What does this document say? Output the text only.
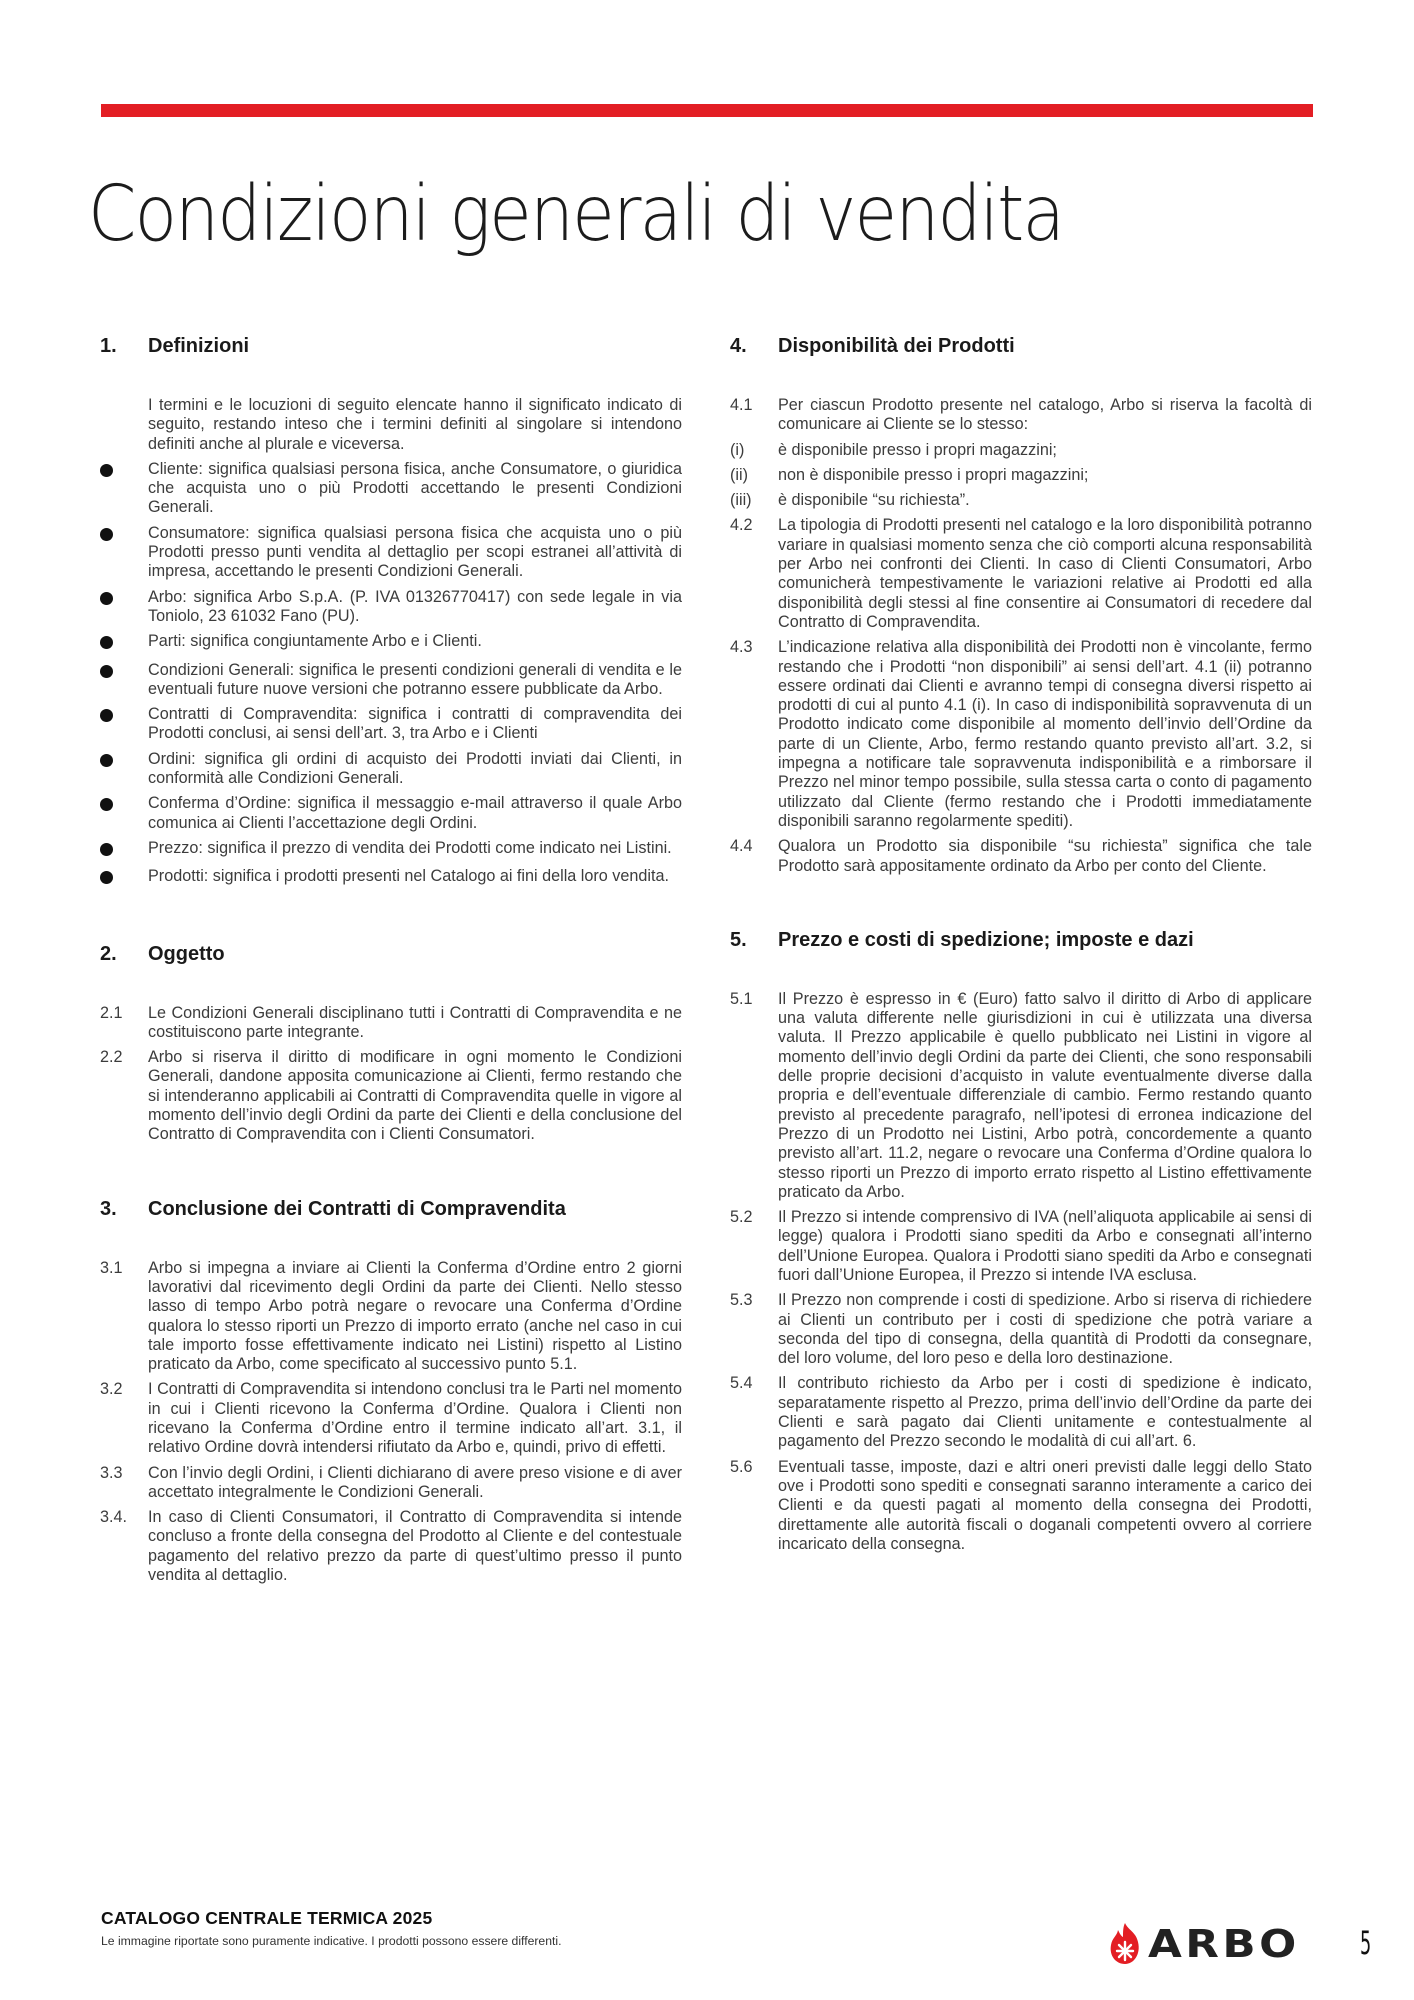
Condizioni generali di vendita
1.	Definizioni

I termini e le locuzioni di seguito elencate hanno il significato indicato di seguito, restando inteso che i termini definiti al singolare si intendono definiti anche al plurale e viceversa.

Cliente: significa qualsiasi persona fisica, anche Consumatore, o giuridica che acquista uno o più Prodotti accettando le presenti Condizioni Generali.
Consumatore: significa qualsiasi persona fisica che acquista uno o più Prodotti presso punti vendita al dettaglio per scopi estranei all’attività di impresa, accettando le presenti Condizioni Generali.
Arbo: significa Arbo S.p.A. (P. IVA 01326770417) con sede legale in via Toniolo, 23 61032 Fano (PU).
Parti: significa congiuntamente Arbo e i Clienti.
Condizioni Generali: significa le presenti condizioni generali di vendita e le eventuali future nuove versioni che potranno essere pubblicate da Arbo.
Contratti di Compravendita: significa i contratti di compravendita dei Prodotti conclusi, ai sensi dell’art. 3, tra Arbo e i Clienti
Ordini: significa gli ordini di acquisto dei Prodotti inviati dai Clienti, in conformità alle Condizioni Generali.
Conferma d’Ordine: significa il messaggio e-mail attraverso il quale Arbo comunica ai Clienti l’accettazione degli Ordini.
Prezzo: significa il prezzo di vendita dei Prodotti come indicato nei Listini.
Prodotti: significa i prodotti presenti nel Catalogo ai fini della loro vendita.
2.	Oggetto
2.1	Le Condizioni Generali disciplinano tutti i Contratti di Compravendita e ne costituiscono parte integrante.
2.2	Arbo si riserva il diritto di modificare in ogni momento le Condizioni Generali, dandone apposita comunicazione ai Clienti, fermo restando che si intenderanno applicabili ai Contratti di Compravendita quelle in vigore al momento dell’invio degli Ordini da parte dei Clienti e della conclusione del Contratto di Compravendita con i Clienti Consumatori.
3.	Conclusione dei Contratti di Compravendita
3.1	Arbo si impegna a inviare ai Clienti la Conferma d’Ordine entro 2 giorni lavorativi dal ricevimento degli Ordini da parte dei Clienti. Nello stesso lasso di tempo Arbo potrà negare o revocare una Conferma d’Ordine qualora lo stesso riporti un Prezzo di importo errato (anche nel caso in cui tale importo fosse effettivamente indicato nei Listini) rispetto al Listino praticato da Arbo, come specificato al successivo punto 5.1.
3.2	I Contratti di Compravendita si intendono conclusi tra le Parti nel momento in cui i Clienti ricevono la Conferma d’Ordine. Qualora i Clienti non ricevano la Conferma d’Ordine entro il termine indicato all’art. 3.1, il relativo Ordine dovrà intendersi rifiutato da Arbo e, quindi, privo di effetti.
3.3	Con l’invio degli Ordini, i Clienti dichiarano di avere preso visione e di aver accettato integralmente le Condizioni Generali.
3.4.	In caso di Clienti Consumatori, il Contratto di Compravendita si intende concluso a fronte della consegna del Prodotto al Cliente e del contestuale pagamento del relativo prezzo da parte di quest’ultimo presso il punto vendita al dettaglio.
4.	Disponibilità dei Prodotti
4.1	Per ciascun Prodotto presente nel catalogo, Arbo si riserva la facoltà di comunicare ai Cliente se lo stesso:
(i)	è disponibile presso i propri magazzini;
(ii)	non è disponibile presso i propri magazzini;
(iii)	è disponibile “su richiesta”.
4.2	La tipologia di Prodotti presenti nel catalogo e la loro disponibilità potranno variare in qualsiasi momento senza che ciò comporti alcuna responsabilità per Arbo nei confronti dei Clienti. In caso di Clienti Consumatori, Arbo comunicherà tempestivamente le variazioni relative ai Prodotti ed alla disponibilità degli stessi al fine consentire ai Consumatori di recedere dal Contratto di Compravendita.
4.3	L’indicazione relativa alla disponibilità dei Prodotti non è vincolante, fermo restando che i Prodotti “non disponibili” ai sensi dell’art. 4.1 (ii) potranno essere ordinati dai Clienti e avranno tempi di consegna diversi rispetto ai prodotti di cui al punto 4.1 (i). In caso di indisponibilità sopravvenuta di un Prodotto indicato come disponibile al momento dell’invio dell’Ordine da parte di un Cliente, Arbo, fermo restando quanto previsto all’art. 3.2, si impegna a notificare tale sopravvenuta indisponibilità e a rimborsare il Prezzo nel minor tempo possibile, sulla stessa carta o conto di pagamento utilizzato dal Cliente (fermo restando che i Prodotti immediatamente disponibili saranno regolarmente spediti).
4.4	Qualora un Prodotto sia disponibile “su richiesta” significa che tale Prodotto sarà appositamente ordinato da Arbo per conto del Cliente.
5.	Prezzo e costi di spedizione; imposte e dazi
5.1	Il Prezzo è espresso in € (Euro) fatto salvo il diritto di Arbo di applicare una valuta differente nelle giurisdizioni in cui è utilizzata una diversa valuta. Il Prezzo applicabile è quello pubblicato nei Listini in vigore al momento dell’invio degli Ordini da parte dei Clienti, che sono responsabili delle proprie decisioni d’acquisto in valute eventualmente diverse dalla propria e dell’eventuale differenziale di cambio. Fermo restando quanto previsto al precedente paragrafo, nell’ipotesi di erronea indicazione del Prezzo di un Prodotto nei Listini, Arbo potrà, concordemente a quanto previsto all’art. 11.2, negare o revocare una Conferma d’Ordine qualora lo stesso riporti un Prezzo di importo errato rispetto al Listino effettivamente praticato da Arbo.
5.2	Il Prezzo si intende comprensivo di IVA (nell’aliquota applicabile ai sensi di legge) qualora i Prodotti siano spediti da Arbo e consegnati all’interno dell’Unione Europea. Qualora i Prodotti siano spediti da Arbo e consegnati fuori dall’Unione Europea, il Prezzo si intende IVA esclusa.
5.3	Il Prezzo non comprende i costi di spedizione. Arbo si riserva di richiedere ai Clienti un contributo per i costi di spedizione che potrà variare a seconda del tipo di consegna, della quantità di Prodotti da consegnare, del loro volume, del loro peso e della loro destinazione.
5.4	Il contributo richiesto da Arbo per i costi di spedizione è indicato, separatamente rispetto al Prezzo, prima dell’invio dell’Ordine da parte dei Clienti e sarà pagato dai Clienti unitamente e contestualmente al pagamento del Prezzo secondo le modalità di cui all’art. 6.
5.6	Eventuali tasse, imposte, dazi e altri oneri previsti dalle leggi dello Stato ove i Prodotti sono spediti e consegnati saranno interamente a carico dei Clienti e da questi pagati al momento della consegna dei Prodotti, direttamente alle autorità fiscali o doganali competenti ovvero al corriere incaricato della consegna.
CATALOGO CENTRALE TERMICA 2025
Le immagine riportate sono puramente indicative. I prodotti possono essere differenti.	ARBO 5
